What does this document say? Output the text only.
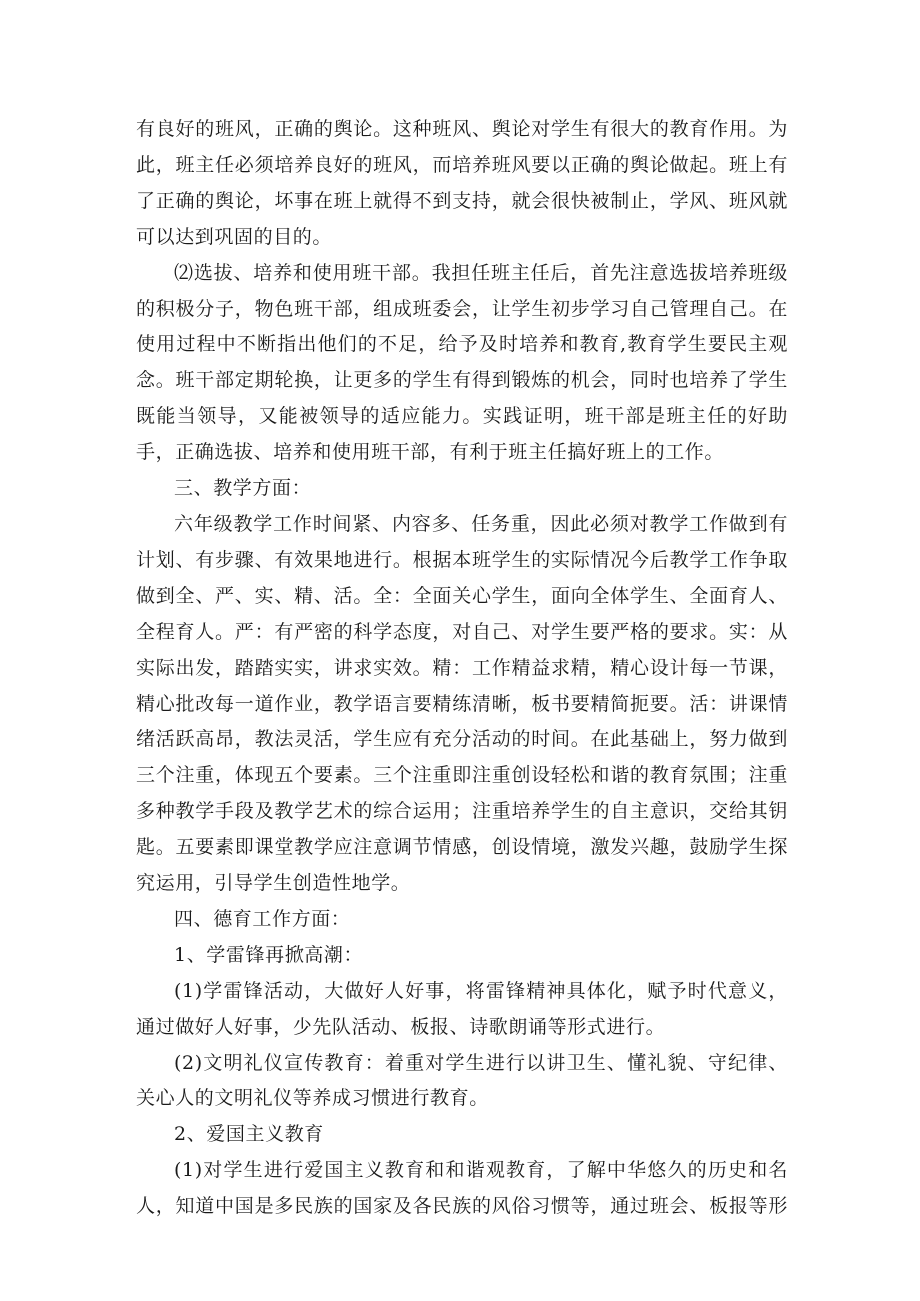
有良好的班风，正确的舆论。这种班风、舆论对学生有很大的教育作用。为此，班主任必须培养良好的班风，而培养班风要以正确的舆论做起。班上有了正确的舆论，坏事在班上就得不到支持，就会很快被制止，学风、班风就可以达到巩固的目的。

⑵选拔、培养和使用班干部。我担任班主任后，首先注意选拔培养班级的积极分子，物色班干部，组成班委会，让学生初步学习自己管理自己。在使用过程中不断指出他们的不足，给予及时培养和教育,教育学生要民主观念。班干部定期轮换，让更多的学生有得到锻炼的机会，同时也培养了学生既能当领导，又能被领导的适应能力。实践证明，班干部是班主任的好助手，正确选拔、培养和使用班干部，有利于班主任搞好班上的工作。

三、教学方面：

六年级教学工作时间紧、内容多、任务重，因此必须对教学工作做到有计划、有步骤、有效果地进行。根据本班学生的实际情况今后教学工作争取做到全、严、实、精、活。全：全面关心学生，面向全体学生、全面育人、全程育人。严：有严密的科学态度，对自己、对学生要严格的要求。实：从实际出发，踏踏实实，讲求实效。精：工作精益求精，精心设计每一节课，精心批改每一道作业，教学语言要精练清晰，板书要精简扼要。活：讲课情绪活跃高昂，教法灵活，学生应有充分活动的时间。在此基础上，努力做到三个注重，体现五个要素。三个注重即注重创设轻松和谐的教育氛围；注重多种教学手段及教学艺术的综合运用；注重培养学生的自主意识，交给其钥匙。五要素即课堂教学应注意调节情感，创设情境，激发兴趣，鼓励学生探究运用，引导学生创造性地学。

四、德育工作方面：

1、学雷锋再掀高潮：

(1)学雷锋活动，大做好人好事，将雷锋精神具体化，赋予时代意义，通过做好人好事，少先队活动、板报、诗歌朗诵等形式进行。

(2)文明礼仪宣传教育：着重对学生进行以讲卫生、懂礼貌、守纪律、关心人的文明礼仪等养成习惯进行教育。

2、爱国主义教育

(1)对学生进行爱国主义教育和和谐观教育，了解中华悠久的历史和名人，知道中国是多民族的国家及各民族的风俗习惯等，通过班会、板报等形
